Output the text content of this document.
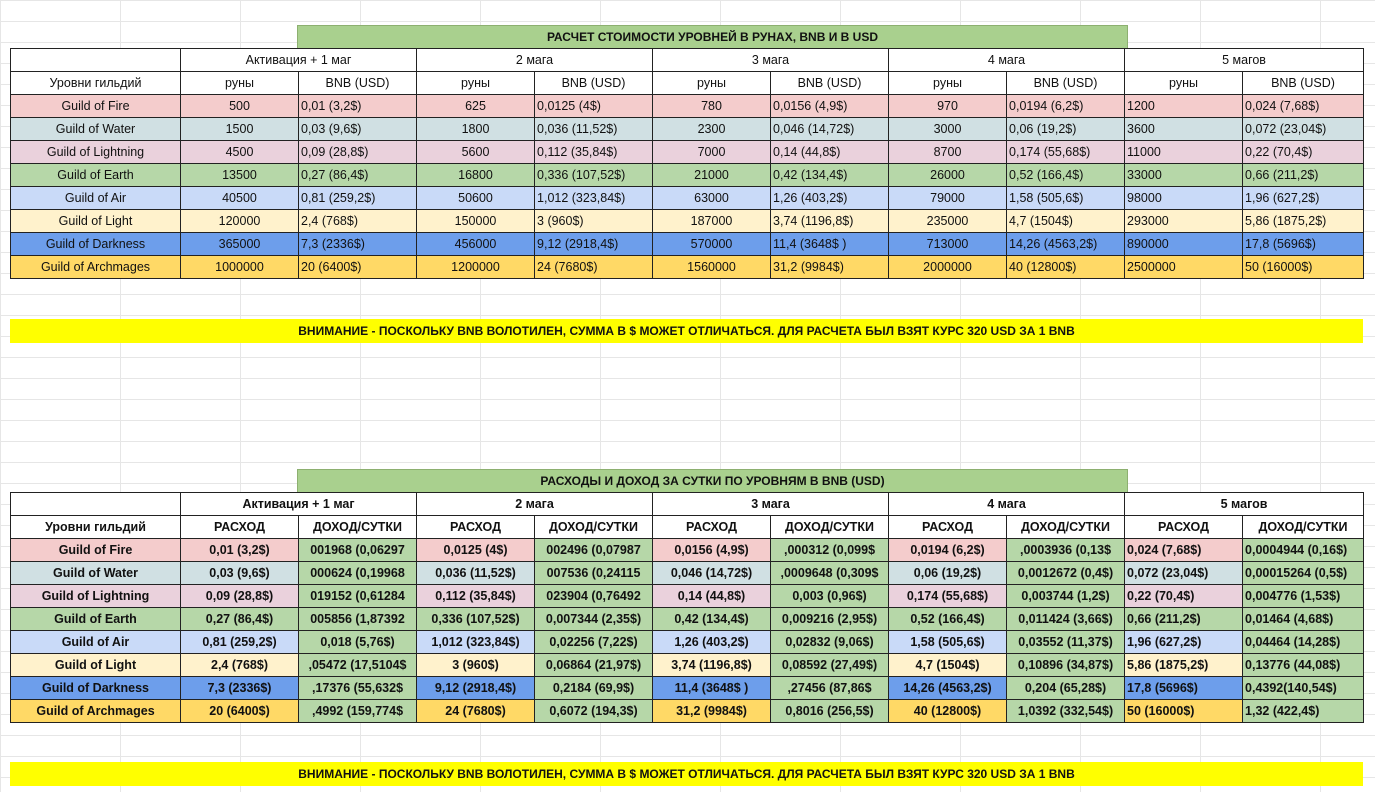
РАСЧЕТ СТОИМОСТИ УРОВНЕЙ В РУНАХ, BNB И В USD
	Активация + 1 маг		2 мага		3 мага		4 мага		5 магов	
Уровни гильдий	руны	BNB (USD)	руны	BNB (USD)	руны	BNB (USD)	руны	BNB (USD)	руны	BNB (USD)
Guild of Fire	500	0,01 (3,2$)	625	0,0125 (4$)	780	0,0156 (4,9$)	970	0,0194 (6,2$)	1200	0,024 (7,68$)
Guild of Water	1500	0,03 (9,6$)	1800	0,036 (11,52$)	2300	0,046 (14,72$)	3000	0,06 (19,2$)	3600	0,072 (23,04$)
Guild of Lightning	4500	0,09 (28,8$)	5600	0,112 (35,84$)	7000	0,14 (44,8$)	8700	0,174 (55,68$)	11000	0,22 (70,4$)
Guild of Earth	13500	0,27 (86,4$)	16800	0,336 (107,52$)	21000	0,42 (134,4$)	26000	0,52 (166,4$)	33000	0,66 (211,2$)
Guild of Air	40500	0,81 (259,2$)	50600	1,012 (323,84$)	63000	1,26 (403,2$)	79000	1,58 (505,6$)	98000	1,96 (627,2$)
Guild of Light	120000	2,4 (768$)	150000	3 (960$)	187000	3,74 (1196,8$)	235000	4,7 (1504$)	293000	5,86 (1875,2$)
Guild of Darkness	365000	7,3 (2336$)	456000	9,12 (2918,4$)	570000	11,4 (3648$ )	713000	14,26 (4563,2$)	890000	17,8 (5696$)
Guild of Archmages	1000000	20 (6400$)	1200000	24 (7680$)	1560000	31,2 (9984$)	2000000	40 (12800$)	2500000	50 (16000$)
ВНИМАНИЕ - ПОСКОЛЬКУ BNB ВОЛОТИЛЕН, СУММА В $ МОЖЕТ ОТЛИЧАТЬСЯ. ДЛЯ РАСЧЕТА БЫЛ ВЗЯТ КУРС 320 USD ЗА 1 BNB
РАСХОДЫ И ДОХОД ЗА СУТКИ ПО УРОВНЯМ В BNB (USD)
	Активация + 1 маг		2 мага		3 мага		4 мага		5 магов	
Уровни гильдий	РАСХОД	ДОХОД/СУТКИ	РАСХОД	ДОХОД/СУТКИ	РАСХОД	ДОХОД/СУТКИ	РАСХОД	ДОХОД/СУТКИ	РАСХОД	ДОХОД/СУТКИ
Guild of Fire	0,01 (3,2$)	001968 (0,06297	0,0125 (4$)	002496 (0,07987	0,0156 (4,9$)	,000312 (0,099$	0,0194 (6,2$)	,0003936 (0,13$	0,024 (7,68$)	0,0004944 (0,16$)
Guild of Water	0,03 (9,6$)	000624 (0,19968	0,036 (11,52$)	007536 (0,24115	0,046 (14,72$)	,0009648 (0,309$	0,06 (19,2$)	0,0012672 (0,4$)	0,072 (23,04$)	0,00015264 (0,5$)
Guild of Lightning	0,09 (28,8$)	019152 (0,61284	0,112 (35,84$)	023904 (0,76492	0,14 (44,8$)	0,003 (0,96$)	0,174 (55,68$)	0,003744 (1,2$)	0,22 (70,4$)	0,004776 (1,53$)
Guild of Earth	0,27 (86,4$)	005856 (1,87392	0,336 (107,52$)	0,007344 (2,35$)	0,42 (134,4$)	0,009216 (2,95$)	0,52 (166,4$)	0,011424 (3,66$)	0,66 (211,2$)	0,01464 (4,68$)
Guild of Air	0,81 (259,2$)	0,018 (5,76$)	1,012 (323,84$)	0,02256 (7,22$)	1,26 (403,2$)	0,02832 (9,06$)	1,58 (505,6$)	0,03552 (11,37$)	1,96 (627,2$)	0,04464 (14,28$)
Guild of Light	2,4 (768$)	,05472 (17,5104$	3 (960$)	0,06864 (21,97$)	3,74 (1196,8$)	0,08592 (27,49$)	4,7 (1504$)	0,10896 (34,87$)	5,86 (1875,2$)	0,13776 (44,08$)
Guild of Darkness	7,3 (2336$)	,17376 (55,632$	9,12 (2918,4$)	0,2184 (69,9$)	11,4 (3648$ )	,27456 (87,86$	14,26 (4563,2$)	0,204 (65,28$)	17,8 (5696$)	0,4392(140,54$)
Guild of Archmages	20 (6400$)	,4992 (159,774$	24 (7680$)	0,6072 (194,3$)	31,2 (9984$)	0,8016 (256,5$)	40 (12800$)	1,0392 (332,54$)	50 (16000$)	1,32 (422,4$)
ВНИМАНИЕ - ПОСКОЛЬКУ BNB ВОЛОТИЛЕН, СУММА В $ МОЖЕТ ОТЛИЧАТЬСЯ. ДЛЯ РАСЧЕТА БЫЛ ВЗЯТ КУРС 320 USD ЗА 1 BNB
